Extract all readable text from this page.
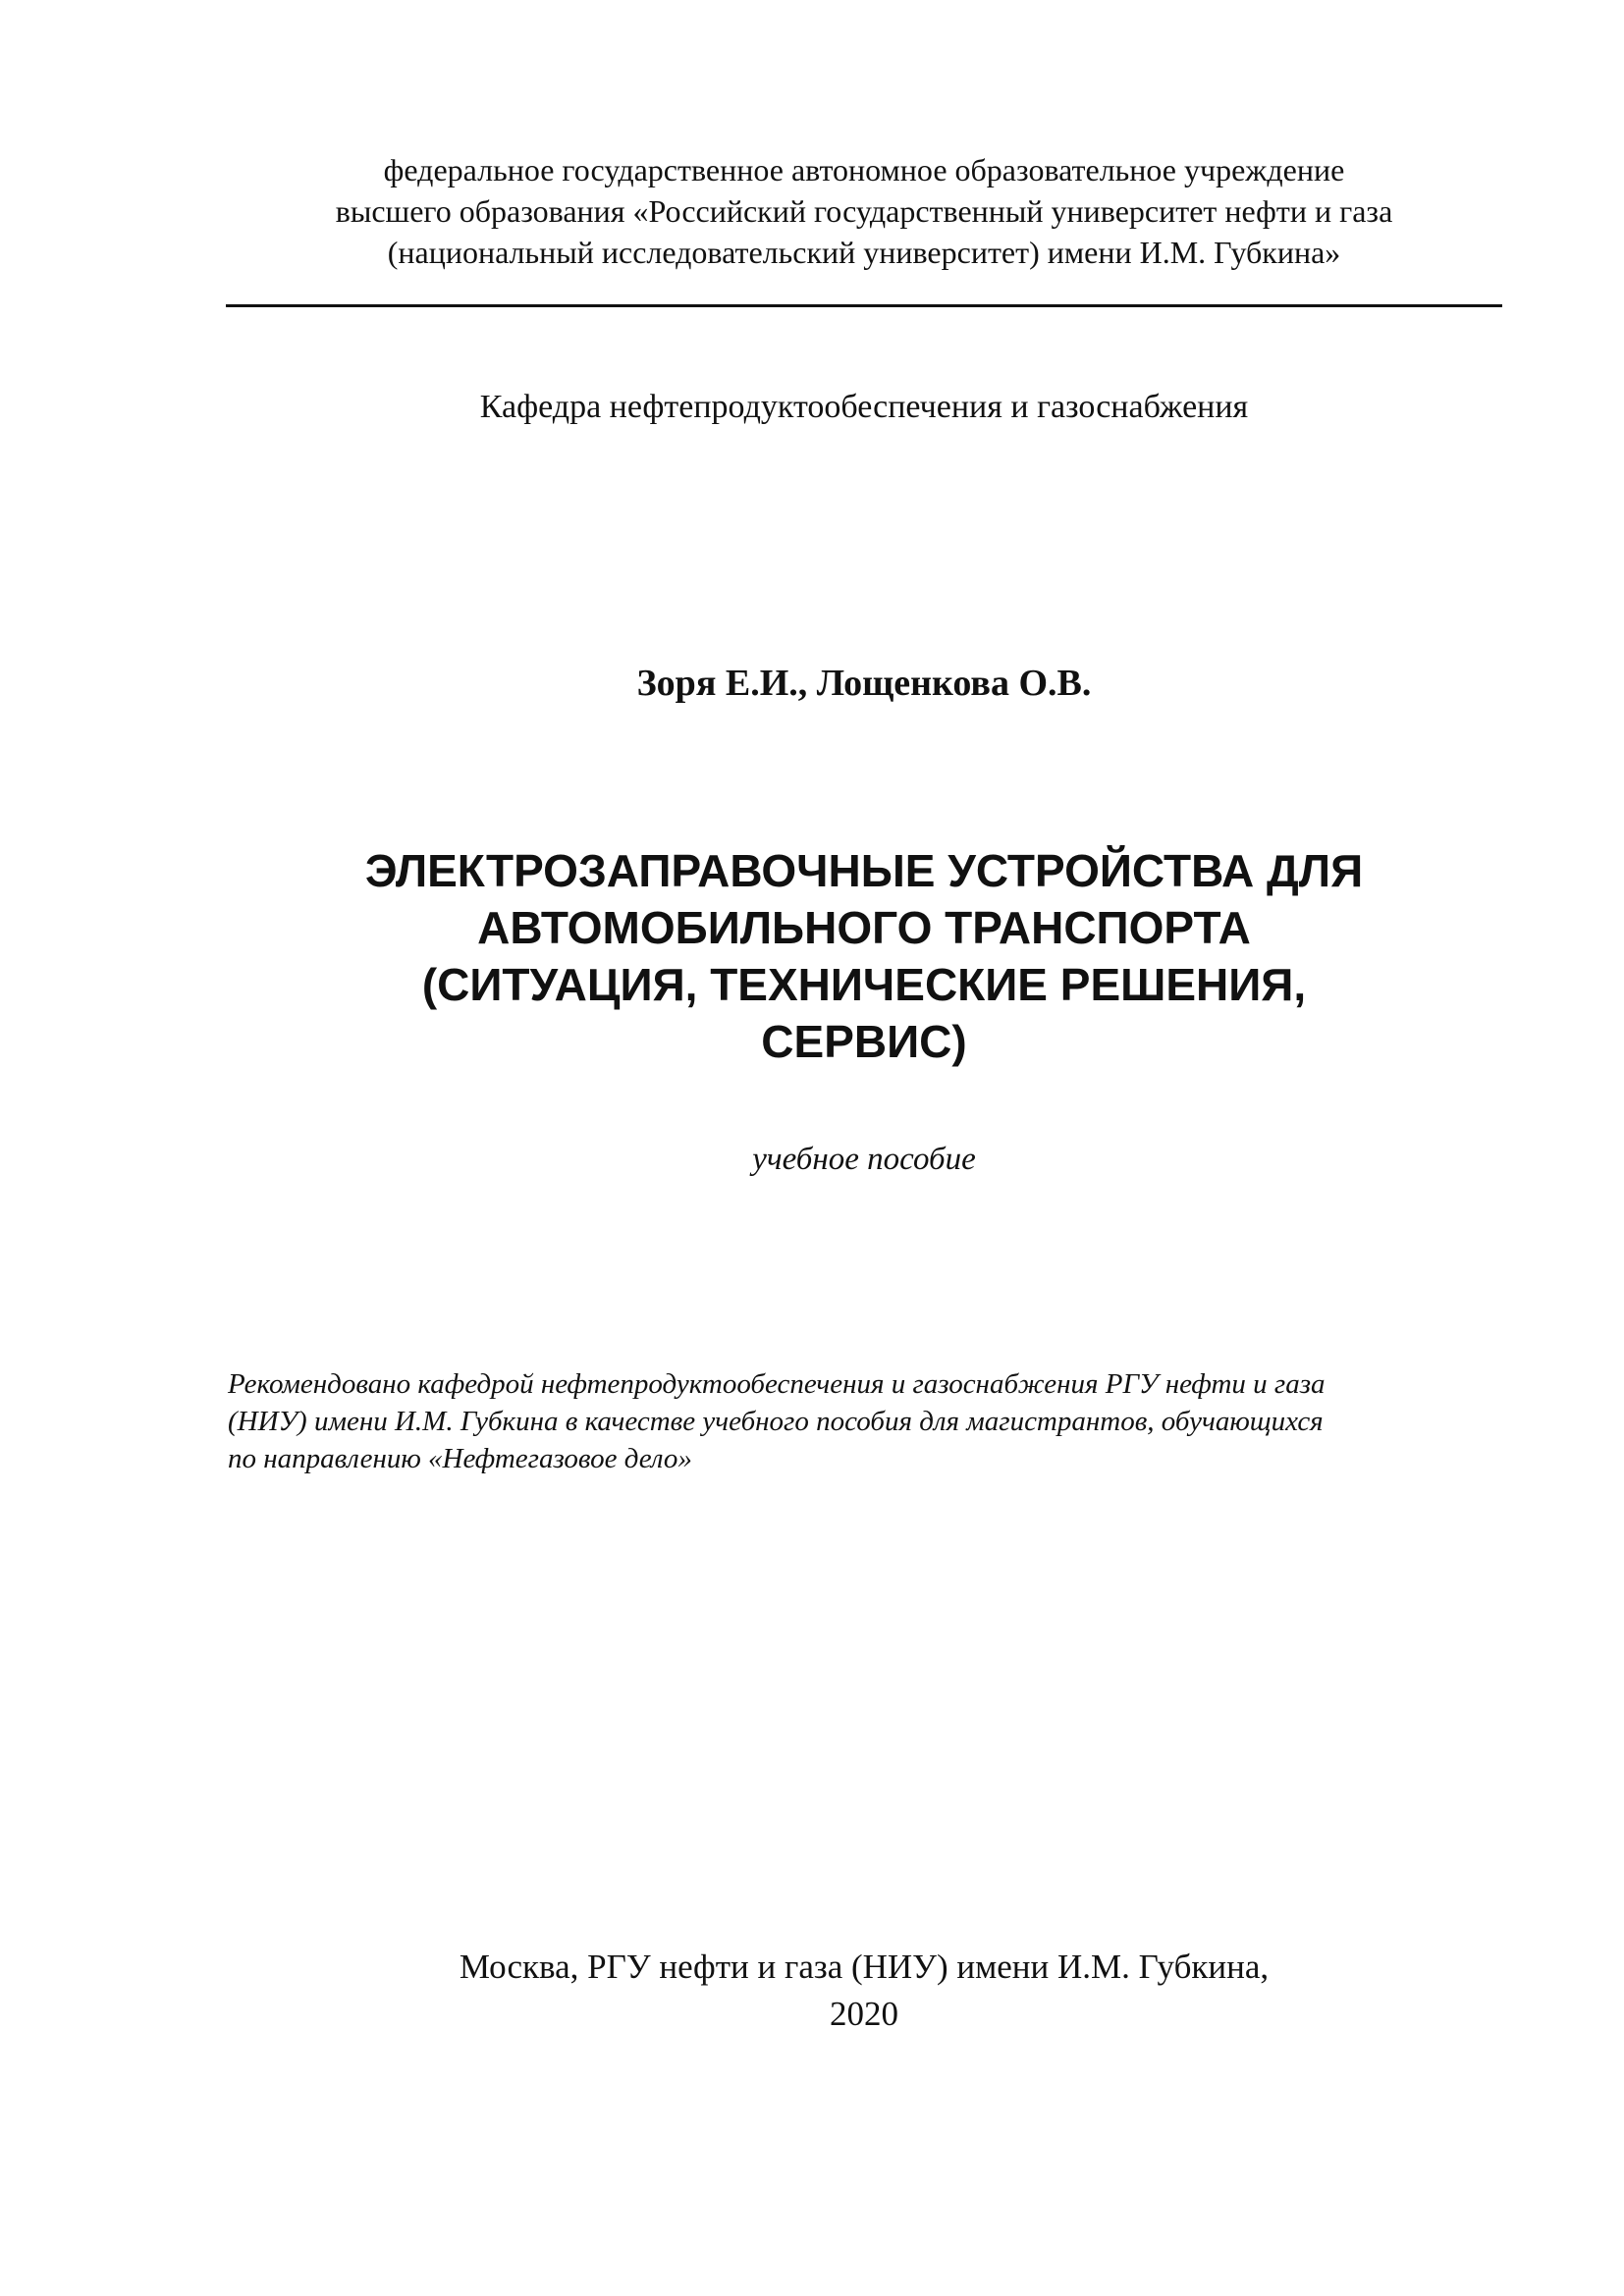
федеральное государственное автономное образовательное учреждение
высшего образования «Российский государственный университет нефти и газа
(национальный исследовательский университет) имени И.М. Губкина»
Кафедра нефтепродуктообеспечения и газоснабжения
Зоря Е.И., Лощенкова О.В.
ЭЛЕКТРОЗАПРАВОЧНЫЕ УСТРОЙСТВА ДЛЯ
АВТОМОБИЛЬНОГО ТРАНСПОРТА
(СИТУАЦИЯ, ТЕХНИЧЕСКИЕ РЕШЕНИЯ,
СЕРВИС)
учебное пособие
Рекомендовано кафедрой нефтепродуктообеспечения и газоснабжения РГУ нефти и газа
(НИУ) имени И.М. Губкина в качестве учебного пособия для магистрантов, обучающихся
по направлению «Нефтегазовое дело»
Москва, РГУ нефти и газа (НИУ) имени И.М. Губкина,
2020
